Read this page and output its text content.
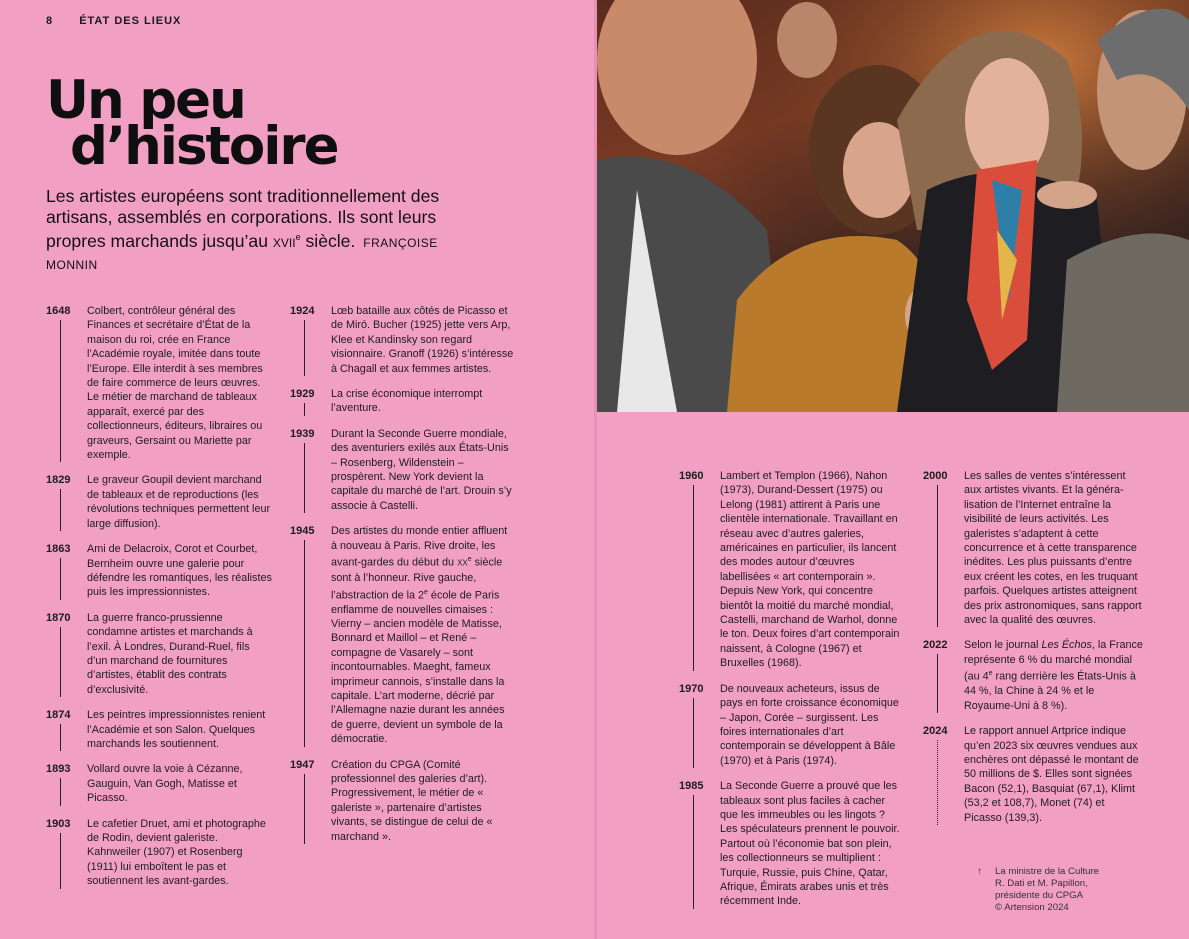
8 ÉTAT DES LIEUX
Un peu
d’histoire
Les artistes européens sont traditionnellement des artisans, assemblés en corporations. Ils sont leurs propres marchands jusqu’au XVIIe siècle. FRANÇOISE MONNIN
1648 Colbert, contrôleur général des Finances et secrétaire d’État de la maison du roi, crée en France l’Académie royale, imitée dans toute l’Europe. Elle interdit à ses membres de faire commerce de leurs œuvres. Le métier de marchand de tableaux apparaît, exercé par des collectionneurs, éditeurs, libraires ou graveurs, Gersaint ou Mariette par exemple.

1829 Le graveur Goupil devient marchand de tableaux et de reproductions (les révolutions techniques permettent leur large diffusion).

1863 Ami de Delacroix, Corot et Courbet, Bernheim ouvre une galerie pour défendre les romantiques, les réalistes puis les impressionnistes.

1870 La guerre franco-prussienne condamne artistes et marchands à l’exil. À Londres, Durand-Ruel, fils d’un marchand de fournitures d’artistes, établit des contrats d’exclusivité.

1874 Les peintres impressionnistes renient l’Académie et son Salon. Quelques marchands les soutiennent.

1893 Vollard ouvre la voie à Cézanne, Gauguin, Van Gogh, Matisse et Picasso.

1903 Le cafetier Druet, ami et photographe de Rodin, devient galeriste. Kahnweiler (1907) et Rosenberg (1911) lui emboîtent le pas et soutiennent les avant-gardes.

1924 Lœb bataille aux côtés de Picasso et de Miró. Bucher (1925) jette vers Arp, Klee et Kandinsky son regard visionnaire. Granoff (1926) s’intéresse à Chagall et aux femmes artistes.

1929 La crise économique interrompt l’aventure.

1939 Durant la Seconde Guerre mondiale, des aventuriers exilés aux États-Unis – Rosenberg, Wildenstein – prospèrent. New York devient la capitale du marché de l’art. Drouin s’y associe à Castelli.

1945 Des artistes du monde entier affluent à nouveau à Paris. Rive droite, les avant-gardes du début du XXe siècle sont à l’honneur. Rive gauche, l’abstraction de la 2e école de Paris enflamme de nouvelles cimaises : Vierny – ancien modèle de Matisse, Bonnard et Maillol – et René – compagne de Vasarely – sont incontournables. Maeght, fameux imprimeur cannois, s’installe dans la capitale. L’art moderne, décrié par l’Allemagne nazie durant les années de guerre, devient un symbole de la démocratie.

1947 Création du CPGA (Comité professionnel des galeries d’art). Progressivement, le métier de « galeriste », partenaire d’artistes vivants, se distingue de celui de « marchand ».

1960 Lambert et Templon (1966), Nahon (1973), Durand-Dessert (1975) ou Lelong (1981) attirent à Paris une clientèle internationale. Travaillant en réseau avec d’autres galeries, américaines en particulier, ils lancent des modes autour d’œuvres labellisées « art contemporain ». Depuis New York, qui concentre bientôt la moitié du marché mondial, Castelli, marchand de Warhol, donne le ton. Deux foires d’art contemporain naissent, à Cologne (1967) et Bruxelles (1968).

1970 De nouveaux acheteurs, issus de pays en forte croissance économique – Japon, Corée – surgissent. Les foires internationales d’art contemporain se développent à Bâle (1970) et à Paris (1974).

1985 La Seconde Guerre a prouvé que les tableaux sont plus faciles à cacher que les immeubles ou les lingots ? Les spéculateurs prennent le pouvoir. Partout où l’économie bat son plein, les collectionneurs se multiplient : Turquie, Russie, puis Chine, Qatar, Afrique, Émirats arabes unis et très récemment Inde.

2000 Les salles de ventes s’intéressent aux artistes vivants. Et la généra-lisation de l’Internet entraîne la visibilité de leurs activités. Les galeristes s’adaptent à cette concurrence et à cette transparence inédites. Les plus puissants d’entre eux créent les cotes, en les truquant parfois. Quelques artistes atteignent des prix astronomiques, sans rapport avec la qualité des œuvres.

2022 Selon le journal Les Échos, la France représente 6 % du marché mondial (au 4e rang derrière les États-Unis à 44 %, la Chine à 24 % et le Royaume-Uni à 8 %).

2024 Le rapport annuel Artprice indique qu’en 2023 six œuvres vendues aux enchères ont dépassé le montant de 50 millions de $. Elles sont signées Bacon (52,1), Basquiat (67,1), Klimt (53,2 et 108,7), Monet (74) et Picasso (139,3).

↑ La ministre de la Culture
R. Dati et M. Papillon,
présidente du CPGA
© Artension 2024
